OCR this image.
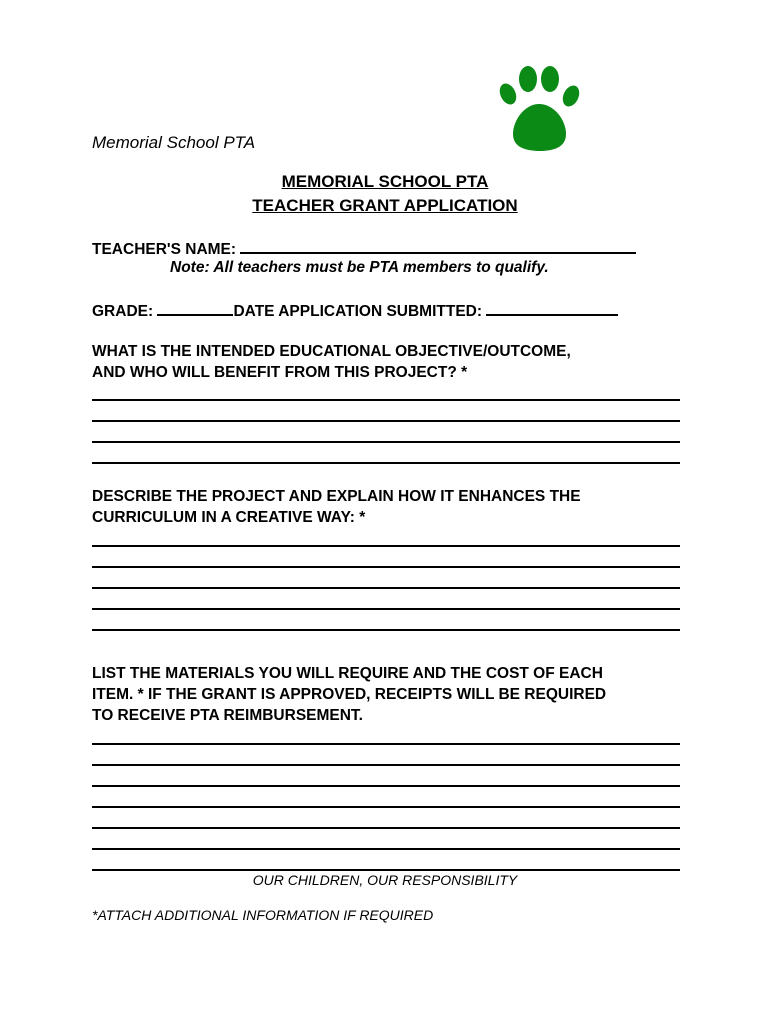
Memorial School PTA

MEMORIAL SCHOOL PTA

TEACHER GRANT APPLICATION

TEACHER'S NAME:

Note: All teachers must be PTA members to qualify.

GRADE:	DATE APPLICATION SUBMITTED:

WHAT IS THE INTENDED EDUCATIONAL OBJECTIVE/OUTCOME,

AND WHO WILL BENEFIT FROM THIS PROJECT? *

DESCRIBE THE PROJECT AND EXPLAIN HOW IT ENHANCES THE

CURRICULUM IN A CREATIVE WAY: *

LIST THE MATERIALS YOU WILL REQUIRE AND THE COST OF EACH

ITEM. * IF THE GRANT IS APPROVED, RECEIPTS WILL BE REQUIRED

TO RECEIVE PTA REIMBURSEMENT.

OUR CHILDREN, OUR RESPONSIBILITY

*ATTACH ADDITIONAL INFORMATION IF REQUIRED
